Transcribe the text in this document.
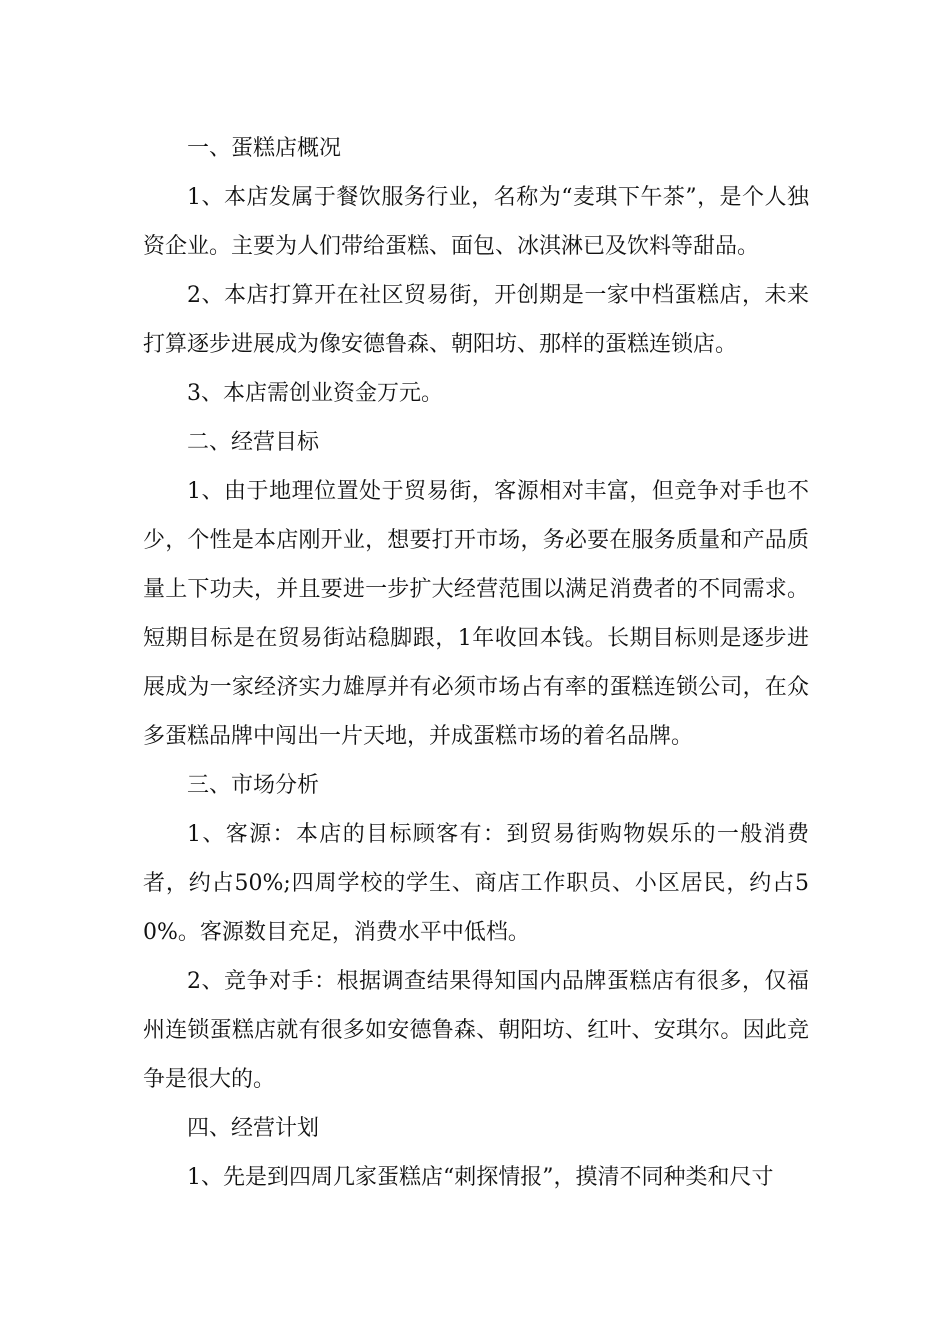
一、蛋糕店概况

1、本店发属于餐饮服务行业，名称为“麦琪下午茶”，是个人独资企业。主要为人们带给蛋糕、面包、冰淇淋已及饮料等甜品。

2、本店打算开在社区贸易街，开创期是一家中档蛋糕店，未来打算逐步进展成为像安德鲁森、朝阳坊、那样的蛋糕连锁店。

3、本店需创业资金万元。

二、经营目标

1、由于地理位置处于贸易街，客源相对丰富，但竞争对手也不少，个性是本店刚开业，想要打开市场，务必要在服务质量和产品质量上下功夫，并且要进一步扩大经营范围以满足消费者的不同需求。短期目标是在贸易街站稳脚跟，1年收回本钱。长期目标则是逐步进展成为一家经济实力雄厚并有必须市场占有率的蛋糕连锁公司，在众多蛋糕品牌中闯出一片天地，并成蛋糕市场的着名品牌。

三、市场分析

1、客源：本店的目标顾客有：到贸易街购物娱乐的一般消费者，约占50%;四周学校的学生、商店工作职员、小区居民，约占50%。客源数目充足，消费水平中低档。

2、竞争对手：根据调查结果得知国内品牌蛋糕店有很多，仅福州连锁蛋糕店就有很多如安德鲁森、朝阳坊、红叶、安琪尔。因此竞争是很大的。

四、经营计划

1、先是到四周几家蛋糕店“刺探情报”，摸清不同种类和尺寸
